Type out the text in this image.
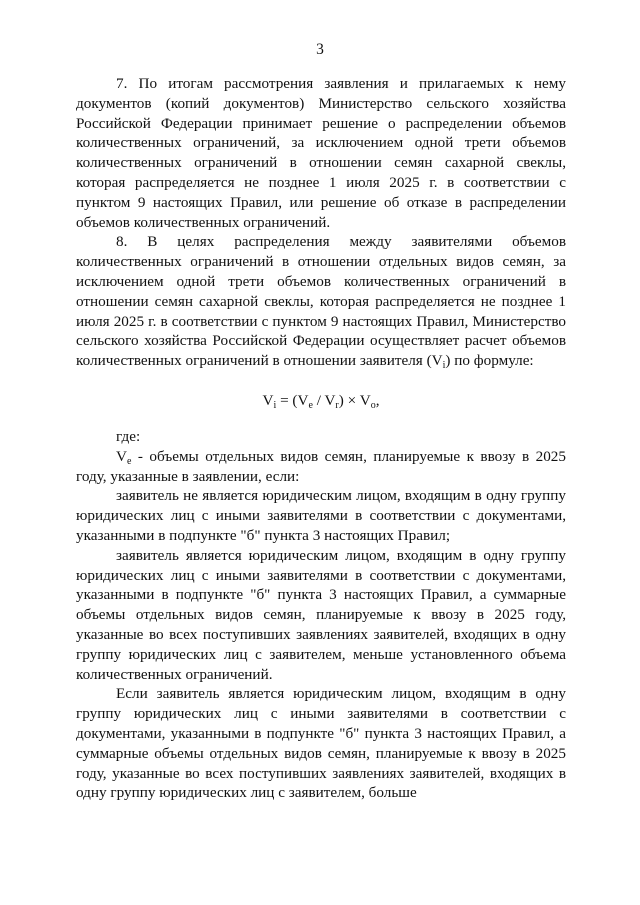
3

7. По итогам рассмотрения заявления и прилагаемых к нему документов (копий документов) Министерство сельского хозяйства Российской Федерации принимает решение о распределении объемов количественных ограничений, за исключением одной трети объемов количественных ограничений в отношении семян сахарной свеклы, которая распределяется не позднее 1 июля 2025 г. в соответствии с пунктом 9 настоящих Правил, или решение об отказе в распределении объемов количественных ограничений.

8. В целях распределения между заявителями объемов количественных ограничений в отношении отдельных видов семян, за исключением одной трети объемов количественных ограничений в отношении семян сахарной свеклы, которая распределяется не позднее 1 июля 2025 г. в соответствии с пунктом 9 настоящих Правил, Министерство сельского хозяйства Российской Федерации осуществляет расчет объемов количественных ограничений в отношении заявителя $(V_i)$ по формуле:

$V_i = (V_e / V_r) \times V_o$,

где:

$V_e$ - объемы отдельных видов семян, планируемые к ввозу в 2025 году, указанные в заявлении, если:

заявитель не является юридическим лицом, входящим в одну группу юридических лиц с иными заявителями в соответствии с документами, указанными в подпункте "б" пункта 3 настоящих Правил;

заявитель является юридическим лицом, входящим в одну группу юридических лиц с иными заявителями в соответствии с документами, указанными в подпункте "б" пункта 3 настоящих Правил, а суммарные объемы отдельных видов семян, планируемые к ввозу в 2025 году, указанные во всех поступивших заявлениях заявителей, входящих в одну группу юридических лиц с заявителем, меньше установленного объема количественных ограничений.

Если заявитель является юридическим лицом, входящим в одну группу юридических лиц с иными заявителями в соответствии с документами, указанными в подпункте "б" пункта 3 настоящих Правил, а суммарные объемы отдельных видов семян, планируемые к ввозу в 2025 году, указанные во всех поступивших заявлениях заявителей, входящих в одну группу юридических лиц с заявителем, больше
